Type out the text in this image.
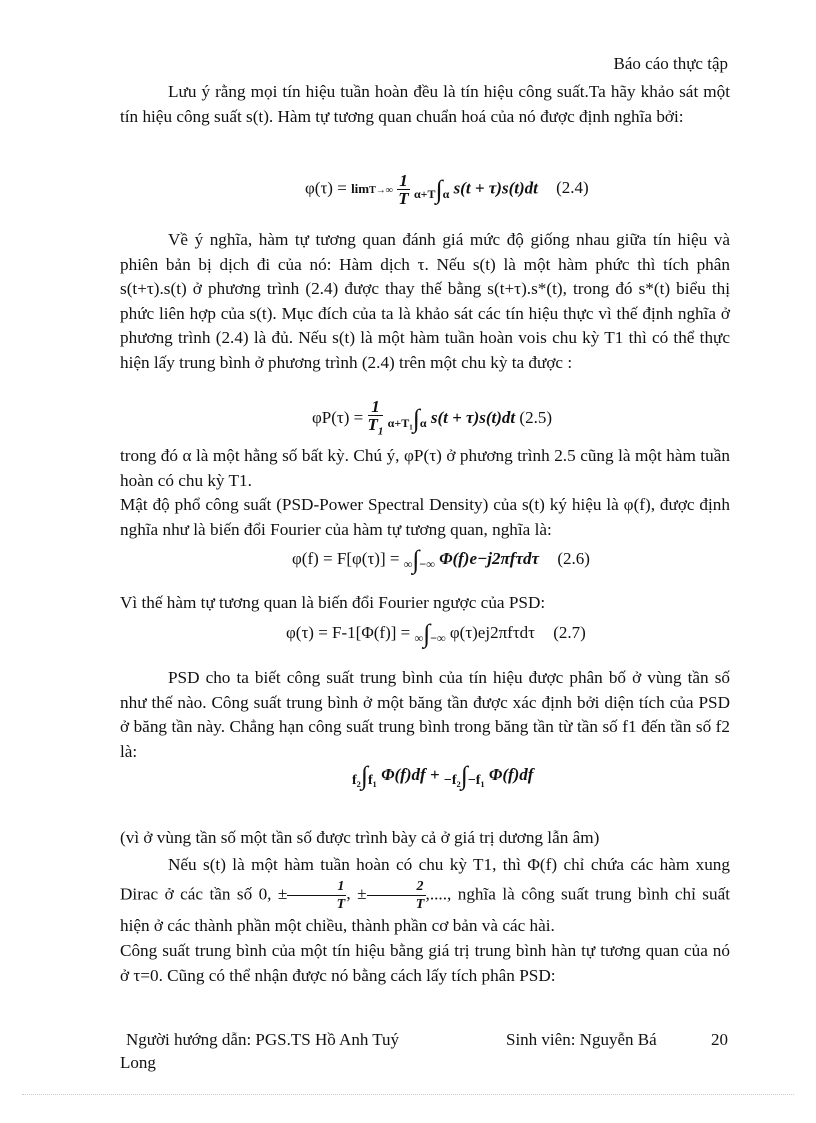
Báo cáo thực tập

Lưu ý rằng mọi tín hiệu tuần hoàn đều là tín hiệu công suất.Ta hãy khảo sát một tín hiệu công suất s(t). Hàm tự tương quan chuẩn hoá của nó được định nghĩa bởi:

$\varphi(\tau) = \lim T\to\infty \frac{1}{T} \alpha+T\int\alpha$ s(t + τ)s(t)dt (2.4)

Về ý nghĩa, hàm tự tương quan đánh giá mức độ giống nhau giữa tín hiệu và phiên bản bị dịch đi của nó: Hàm dịch τ. Nếu s(t) là một hàm phức thì tích phân s(t+τ).s(t) ở phương trình (2.4) được thay thế bằng s(t+τ).s*(t), trong đó s*(t) biểu thị phức liên hợp của s(t). Mục đích của ta là khảo sát các tín hiệu thực vì thế định nghĩa ở phương trình (2.4) là đủ. Nếu s(t) là một hàm tuần hoàn vois chu kỳ T1 thì có thể thực hiện lấy trung bình ở phương trình (2.4) trên một chu kỳ ta được :

$\varphi P(\tau) = \frac{1}{T_1} \alpha+T_1\int\alpha$ s(t + τ)s(t)dt (2.5)

trong đó α là một hằng số bất kỳ. Chú ý, φP(τ) ở phương trình 2.5 cũng là một hàm tuần hoàn có chu kỳ T1.

Mật độ phổ công suất (PSD-Power Spectral Density) của s(t) ký hiệu là φ(f), được định nghĩa như là biến đổi Fourier của hàm tự tương quan, nghĩa là:

φ(f) = F[φ(τ)] = ∞∫−∞ Φ(f)e−j2πfτdτ (2.6)

Vì thế hàm tự tương quan là biến đổi Fourier ngược của PSD:

φ(τ) = F-1[Φ(f)] = ∞∫−∞ φ(τ)ej2πfτdτ (2.7)

PSD cho ta biết công suất trung bình của tín hiệu được phân bố ở vùng tần số như thế nào. Công suất trung bình ở một băng tần được xác định bởi diện tích của PSD ở băng tần này. Chẳng hạn công suất trung bình trong băng tần từ tần số f1 đến tần số f2 là:

f₂∫f₁ Φ(f)df + −f₂∫−f₁ Φ(f)df

(vì ở vùng tần số một tần số được trình bày cả ở giá trị dương lẫn âm)

Nếu s(t) là một hàm tuần hoàn có chu kỳ T1, thì Φ(f) chỉ chứa các hàm xung Dirac ở các tần số 0, ± $\frac{1}{T}$ , ± $\frac{2}{T}$ ,...., nghĩa là công suất trung bình chỉ suất hiện ở các thành phần một chiều, thành phần cơ bản và các hài.

Công suất trung bình của một tín hiệu bằng giá trị trung bình hàn tự tương quan của nó ở τ=0. Cũng có thể nhận được nó bằng cách lấy tích phân PSD:

Người hướng dẫn: PGS.TS Hồ Anh Tuý	Sinh viên: Nguyễn Bá	20
Long
